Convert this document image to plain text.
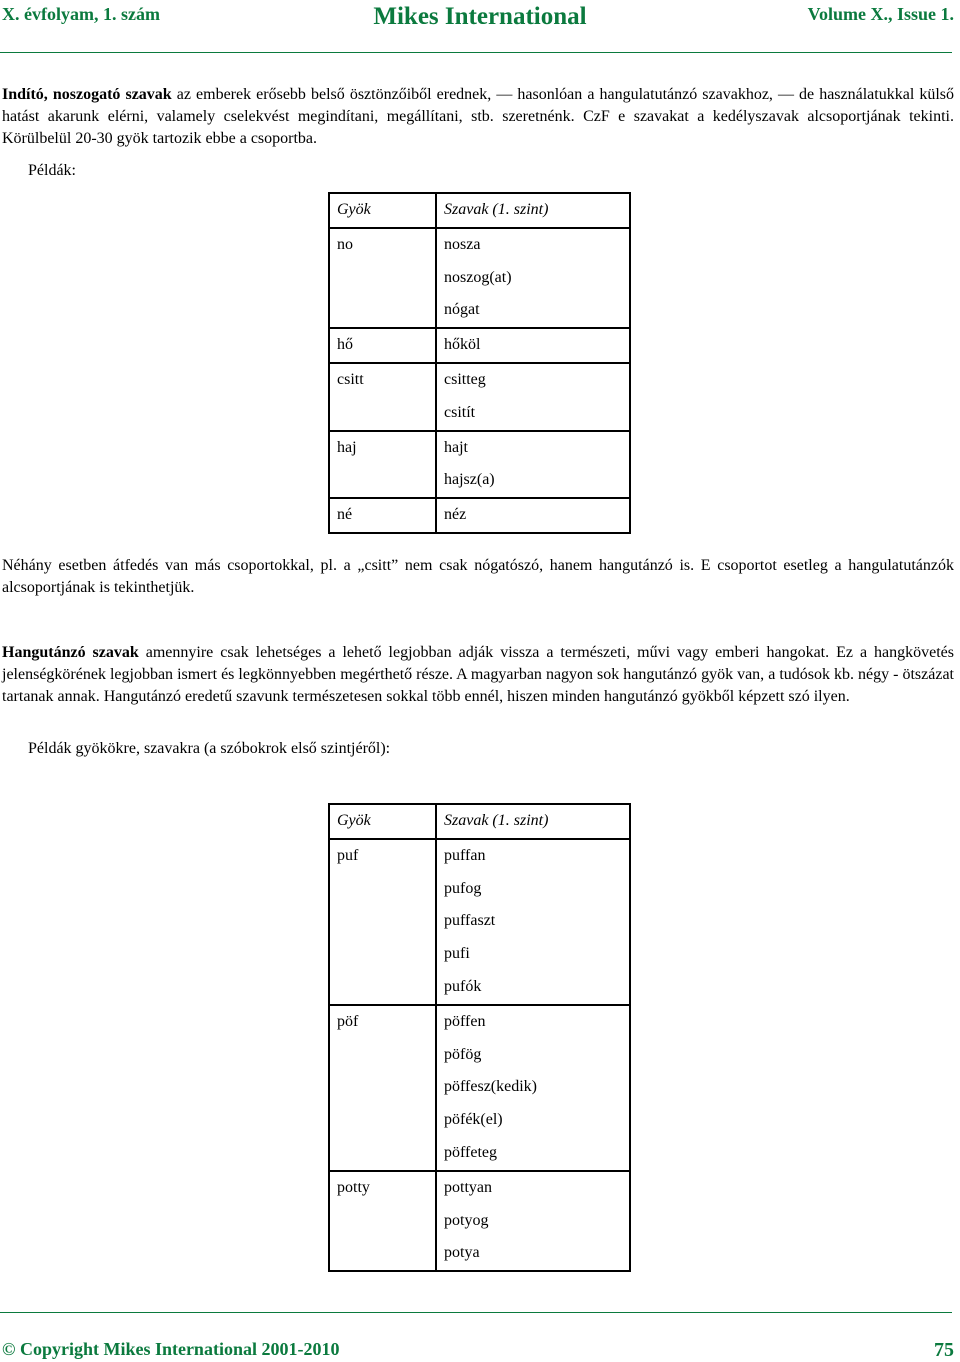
X. évfolyam, 1. szám	Mikes International	Volume X., Issue 1.
Indító, noszogató szavak az emberek erősebb belső ösztönzőiből erednek, — hasonlóan a hangulatutánzó szavakhoz, — de használatukkal külső hatást akarunk elérni, valamely cselekvést megindítani, megállítani, stb. szeretnénk. CzF e szavakat a kedélyszavak alcsoportjának tekinti. Körülbelül 20-30 gyök tartozik ebbe a csoportba.
Példák:
Gyök	Szavak (1. szint)

no	nosza
noszog(at)
nógat

hő	hőköl

csitt	csitteg
csitít

haj	hajt
hajsz(a)

né	néz
Néhány esetben átfedés van más csoportokkal, pl. a „csitt” nem csak nógatószó, hanem hangutánzó is. E csoportot esetleg a hangulatutánzók alcsoportjának is tekinthetjük.
Hangutánzó szavak amennyire csak lehetséges a lehető legjobban adják vissza a természeti, művi vagy emberi hangokat. Ez a hangkövetés jelenségkörének legjobban ismert és legkönnyebben megérthető része. A magyarban nagyon sok hangutánzó gyök van, a tudósok kb. négy - ötszázat tartanak annak. Hangutánzó eredetű szavunk természetesen sokkal több ennél, hiszen minden hangutánzó gyökből képzett szó ilyen.
Példák gyökökre, szavakra (a szóbokrok első szintjéről):
Gyök	Szavak (1. szint)

puf	puffan
pufog
puffaszt
pufi
pufók

pöf	pöffen
pöfög
pöffesz(kedik)
pöfék(el)
pöffeteg

potty	pottyan
potyog
potya
© Copyright Mikes International 2001-2010	75
